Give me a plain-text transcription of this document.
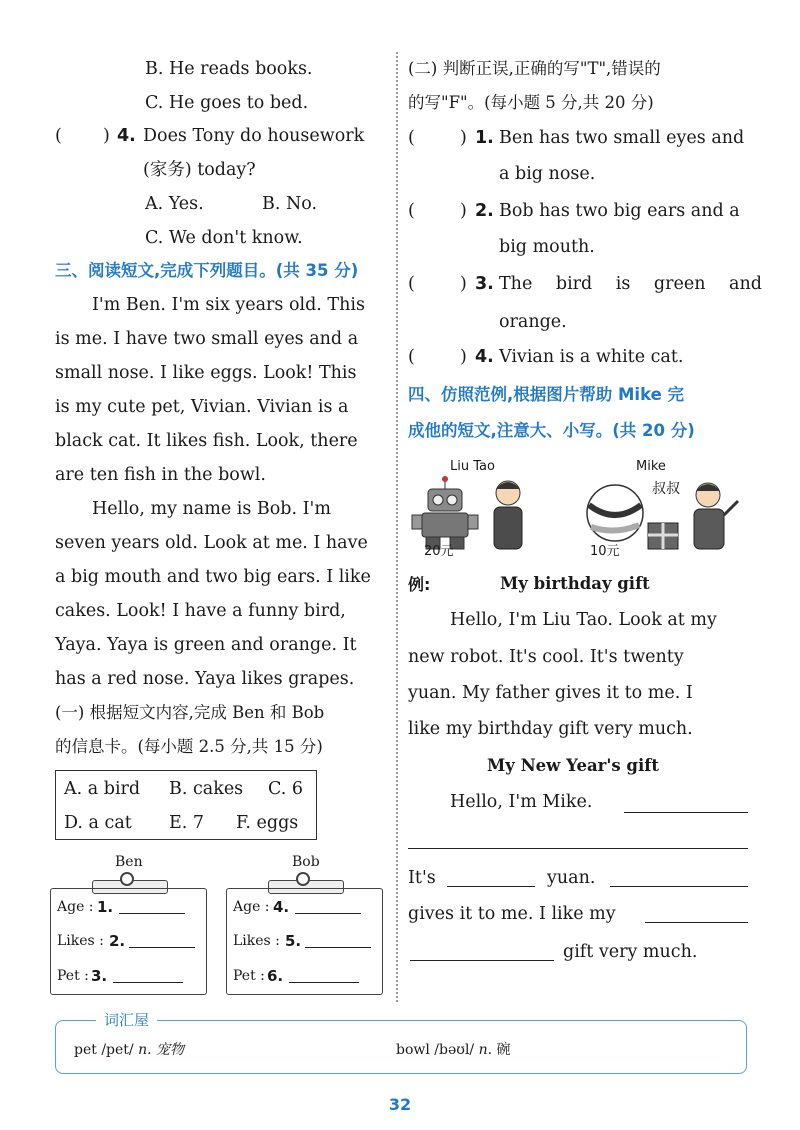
B. He reads books.
C. He goes to bed.
( ) 4. Does Tony do housework
(家务) today?
A. Yes.	B. No.
C. We don't know.
三、阅读短文,完成下列题目。(共 35 分)
I'm Ben. I'm six years old. This
is me. I have two small eyes and a
small nose. I like eggs. Look! This
is my cute pet, Vivian. Vivian is a
black cat. It likes fish. Look, there
are ten fish in the bowl.
Hello, my name is Bob. I'm
seven years old. Look at me. I have
a big mouth and two big ears. I like
cakes. Look! I have a funny bird,
Yaya. Yaya is green and orange. It
has a red nose. Yaya likes grapes.
(一) 根据短文内容,完成 Ben 和 Bob
的信息卡。(每小题 2.5 分,共 15 分)
A. a bird B. cakes C. 6
D. a cat E. 7 F. eggs
Ben
Age : 1.
Likes : 2.
Pet : 3.
Bob
Age : 4.
Likes : 5.
Pet : 6.
(二) 判断正误,正确的写"T",错误的
的写"F"。(每小题 5 分,共 20 分)
(	) 1. Ben has two small eyes and
a big nose.
(	) 2. Bob has two big ears and a
big mouth.
(	) 3. The bird is green and
orange.
(	) 4. Vivian is a white cat.
四、仿照范例,根据图片帮助 Mike 完
成他的短文,注意大、小写。(共 20 分)
Liu Tao	Mike
叔叔
20元	10元
例:	My birthday gift
Hello, I'm Liu Tao. Look at my
new robot. It's cool. It's twenty
yuan. My father gives it to me. I
like my birthday gift very much.
My New Year's gift
Hello, I'm Mike.
It's	yuan.
gives it to me. I like my
gift very much.
词汇屋
pet /pet/ n. 宠物	bowl /bəʊl/ n. 碗
32
